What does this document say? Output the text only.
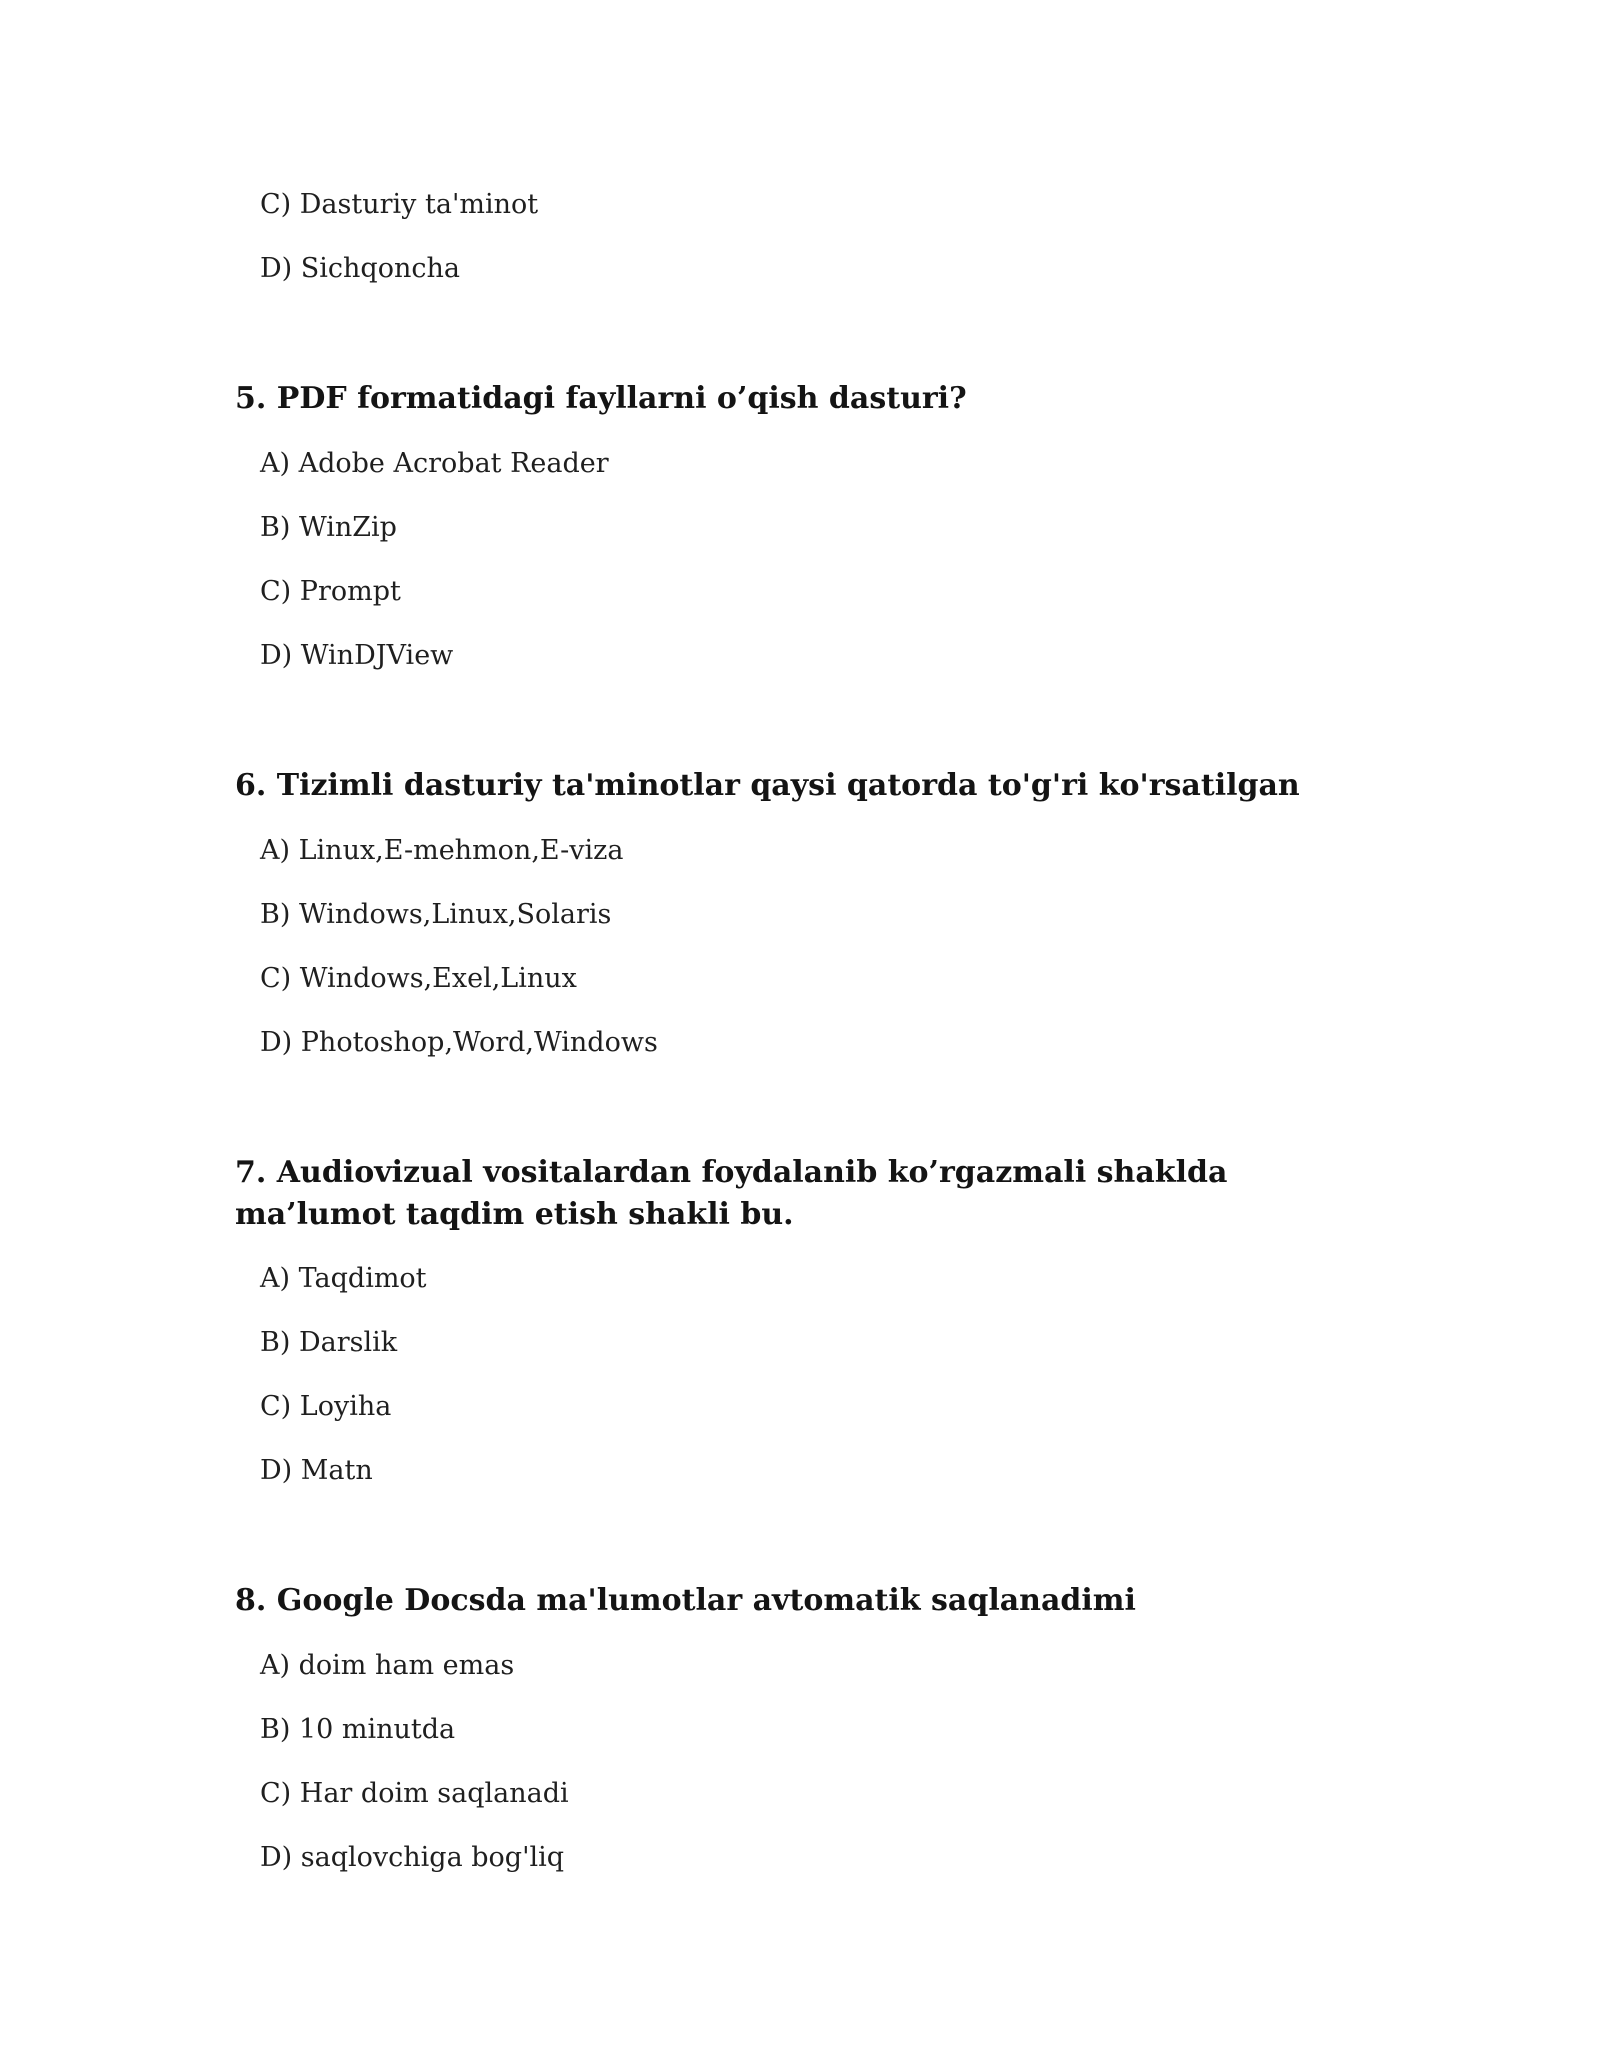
C) Dasturiy ta'minot
D) Sichqoncha
5. PDF formatidagi fayllarni o’qish dasturi?
A) Adobe Acrobat Reader
B) WinZip
C) Prompt
D) WinDJView
6. Tizimli dasturiy ta'minotlar qaysi qatorda to'g'ri ko'rsatilgan
A) Linux,E-mehmon,E-viza
B) Windows,Linux,Solaris
C) Windows,Exel,Linux
D) Photoshop,Word,Windows
7. Audiovizual vositalardan foydalanib ko’rgazmali shaklda ma’lumot taqdim etish shakli bu.
A) Taqdimot
B) Darslik
C) Loyiha
D) Matn
8. Google Docsda ma'lumotlar avtomatik saqlanadimi
A) doim ham emas
B) 10 minutda
C) Har doim saqlanadi
D) saqlovchiga bog'liq
